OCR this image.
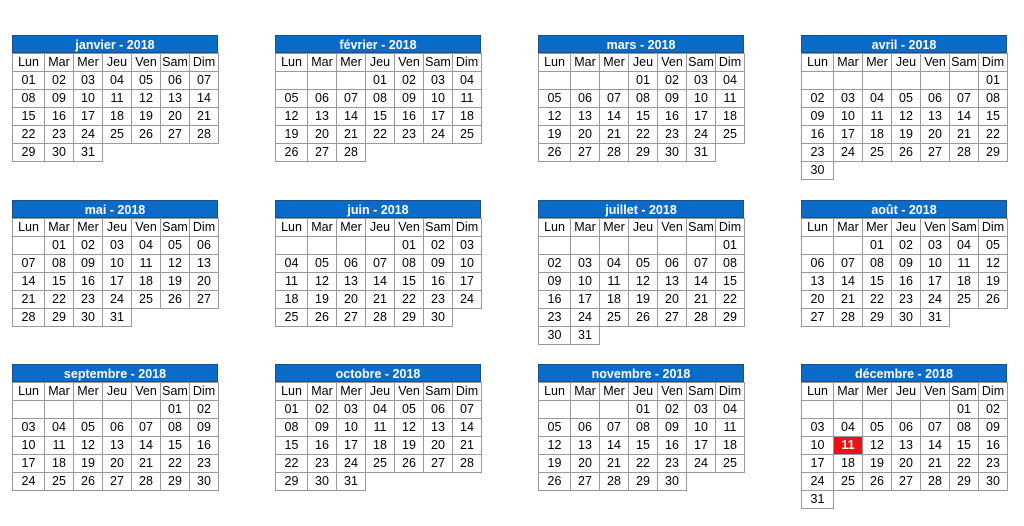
janvier - 2018
Lun	Mar	Mer	Jeu	Ven	Sam	Dim
01	02	03	04	05	06	07
08	09	10	11	12	13	14
15	16	17	18	19	20	21
22	23	24	25	26	27	28
29	30	31				
février - 2018
Lun	Mar	Mer	Jeu	Ven	Sam	Dim
			01	02	03	04
05	06	07	08	09	10	11
12	13	14	15	16	17	18
19	20	21	22	23	24	25
26	27	28				
mars - 2018
Lun	Mar	Mer	Jeu	Ven	Sam	Dim
			01	02	03	04
05	06	07	08	09	10	11
12	13	14	15	16	17	18
19	20	21	22	23	24	25
26	27	28	29	30	31	
avril - 2018
Lun	Mar	Mer	Jeu	Ven	Sam	Dim
						01
02	03	04	05	06	07	08
09	10	11	12	13	14	15
16	17	18	19	20	21	22
23	24	25	26	27	28	29
30						
mai - 2018
Lun	Mar	Mer	Jeu	Ven	Sam	Dim
	01	02	03	04	05	06
07	08	09	10	11	12	13
14	15	16	17	18	19	20
21	22	23	24	25	26	27
28	29	30	31			
juin - 2018
Lun	Mar	Mer	Jeu	Ven	Sam	Dim
				01	02	03
04	05	06	07	08	09	10
11	12	13	14	15	16	17
18	19	20	21	22	23	24
25	26	27	28	29	30	
juillet - 2018
Lun	Mar	Mer	Jeu	Ven	Sam	Dim
						01
02	03	04	05	06	07	08
09	10	11	12	13	14	15
16	17	18	19	20	21	22
23	24	25	26	27	28	29
30	31					
août - 2018
Lun	Mar	Mer	Jeu	Ven	Sam	Dim
		01	02	03	04	05
06	07	08	09	10	11	12
13	14	15	16	17	18	19
20	21	22	23	24	25	26
27	28	29	30	31		
septembre - 2018
Lun	Mar	Mer	Jeu	Ven	Sam	Dim
					01	02
03	04	05	06	07	08	09
10	11	12	13	14	15	16
17	18	19	20	21	22	23
24	25	26	27	28	29	30
octobre - 2018
Lun	Mar	Mer	Jeu	Ven	Sam	Dim
01	02	03	04	05	06	07
08	09	10	11	12	13	14
15	16	17	18	19	20	21
22	23	24	25	26	27	28
29	30	31				
novembre - 2018
Lun	Mar	Mer	Jeu	Ven	Sam	Dim
			01	02	03	04
05	06	07	08	09	10	11
12	13	14	15	16	17	18
19	20	21	22	23	24	25
26	27	28	29	30		
décembre - 2018
Lun	Mar	Mer	Jeu	Ven	Sam	Dim
					01	02
03	04	05	06	07	08	09
10	11	12	13	14	15	16
17	18	19	20	21	22	23
24	25	26	27	28	29	30
31						
